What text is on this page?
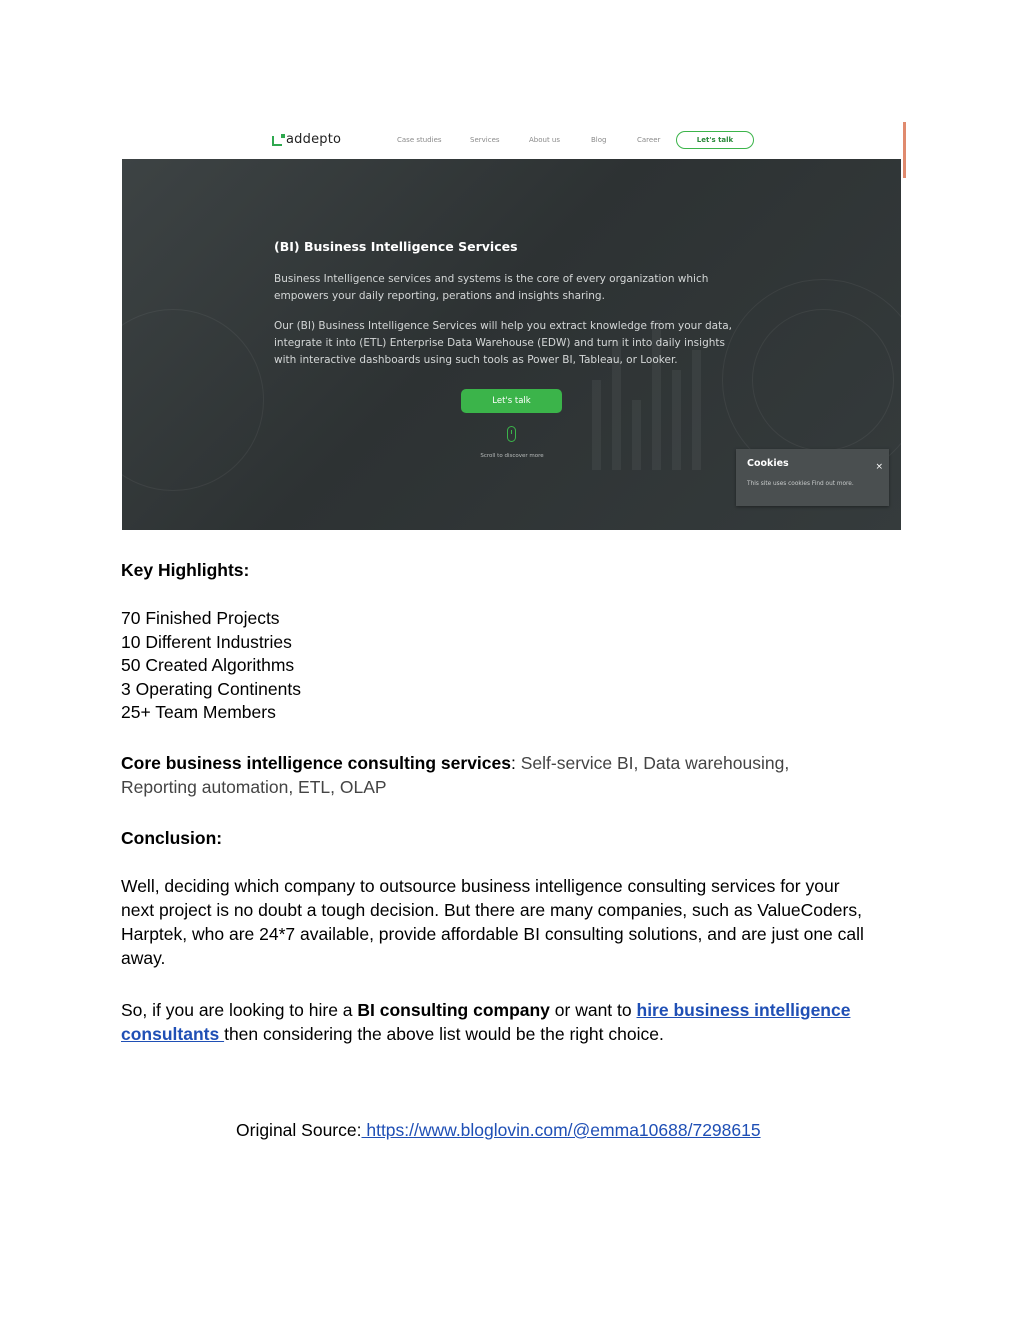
addepto	Case studies	Services	About us	Blog	Career	Let's talk
(BI) Business Intelligence Services

Business Intelligence services and systems is the core of every organization which

empowers your daily reporting, perations and insights sharing.

Our (BI) Business Intelligence Services will help you extract knowledge from your data,

integrate it into (ETL) Enterprise Data Warehouse (EDW) and turn it into daily insights

with interactive dashboards using such tools as Power BI, Tableau, or Looker.

Let's talk
Scroll to discover more
Cookies	×
This site uses cookies Find out more.
Key Highlights:
70 Finished Projects
10 Different Industries
50 Created Algorithms
3 Operating Continents
25+ Team Members
Core business intelligence consulting services: Self-service BI, Data warehousing,
Reporting automation, ETL, OLAP
Conclusion:
Well, deciding which company to outsource business intelligence consulting services for your
next project is no doubt a tough decision. But there are many companies, such as ValueCoders,
Harptek, who are 24*7 available, provide affordable BI consulting solutions, and are just one call
away.
So, if you are looking to hire a BI consulting company or want to hire business intelligence
consultants then considering the above list would be the right choice.
Original Source: https://www.bloglovin.com/@emma10688/7298615
